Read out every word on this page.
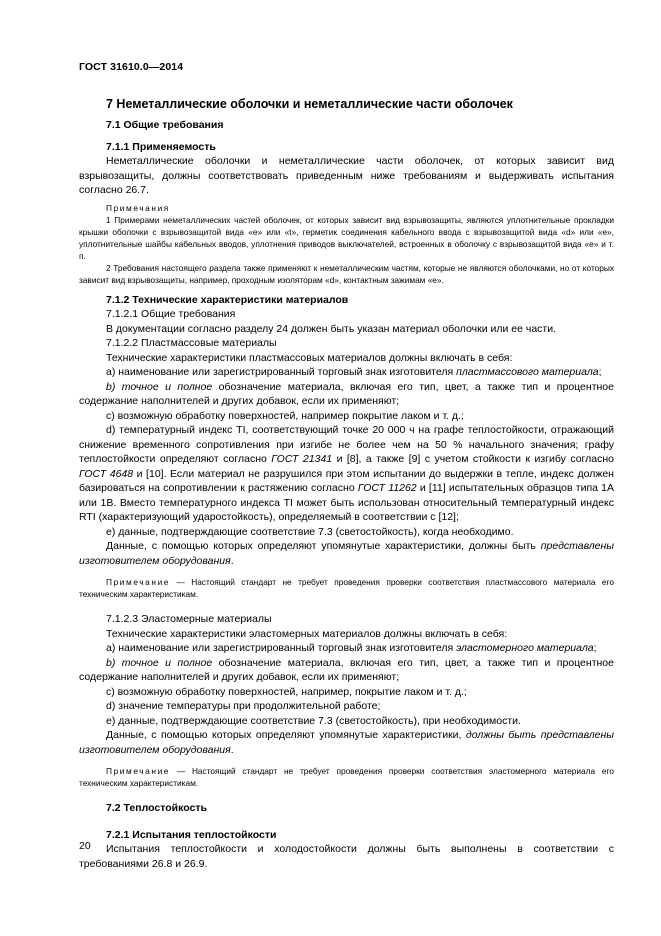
ГОСТ 31610.0—2014

7 Неметаллические оболочки и неметаллические части оболочек

7.1 Общие требования

7.1.1 Применяемость

Неметаллические оболочки и неметаллические части оболочек, от которых зависит вид взрывозащиты, должны соответствовать приведенным ниже требованиям и выдерживать испытания согласно 26.7.

Примечания

1 Примерами неметаллических частей оболочек, от которых зависит вид взрывозащиты, являются уплотнительные прокладки крышки оболочки с взрывозащитой вида «е» или «t», герметик соединения кабельного ввода с взрывозащитой вида «d» или «е», уплотнительные шайбы кабельных вводов, уплотнения приводов выключателей, встроенных в оболочку с взрывозащитой вида «е» и т. п.

2 Требования настоящего раздела также применяют к неметаллическим частям, которые не являются оболочками, но от которых зависит вид взрывозащиты, например, проходным изоляторам «d», контактным зажимам «е».

7.1.2 Технические характеристики материалов

7.1.2.1 Общие требования

В документации согласно разделу 24 должен быть указан материал оболочки или ее части.

7.1.2.2 Пластмассовые материалы

Технические характеристики пластмассовых материалов должны включать в себя:

а) наименование или зарегистрированный торговый знак изготовителя пластмассового материала;

b) точное и полное обозначение материала, включая его тип, цвет, а также тип и процентное содержание наполнителей и других добавок, если их применяют;

с) возможную обработку поверхностей, например покрытие лаком и т. д.;

d) температурный индекс TI, соответствующий точке 20 000 ч на графе теплостойкости, отражающий снижение временного сопротивления при изгибе не более чем на 50 % начального значения; графу теплостойкости определяют согласно ГОСТ 21341 и [8], а также [9] с учетом стойкости к изгибу согласно ГОСТ 4648 и [10]. Если материал не разрушился при этом испытании до выдержки в тепле, индекс должен базироваться на сопротивлении к растяжению согласно ГОСТ 11262 и [11] испытательных образцов типа 1А или 1В. Вместо температурного индекса TI может быть использован относительный температурный индекс RTI (характеризующий ударостойкость), определяемый в соответствии с [12];

е) данные, подтверждающие соответствие 7.3 (светостойкость), когда необходимо.

Данные, с помощью которых определяют упомянутые характеристики, должны быть представлены изготовителем оборудования.

Примечание — Настоящий стандарт не требует проведения проверки соответствия пластмассового материала его техническим характеристикам.

7.1.2.3 Эластомерные материалы

Технические характеристики эластомерных материалов должны включать в себя:

а) наименование или зарегистрированный торговый знак изготовителя эластомерного материала;

b) точное и полное обозначение материала, включая его тип, цвет, а также тип и процентное содержание наполнителей и других добавок, если их применяют;

с) возможную обработку поверхностей, например, покрытие лаком и т. д.;

d) значение температуры при продолжительной работе;

е) данные, подтверждающие соответствие 7.3 (светостойкость), при необходимости.

Данные, с помощью которых определяют упомянутые характеристики, должны быть представлены изготовителем оборудования.

Примечание — Настоящий стандарт не требует проведения проверки соответствия эластомерного материала его техническим характеристикам.

7.2 Теплостойкость

7.2.1 Испытания теплостойкости

Испытания теплостойкости и холодостойкости должны быть выполнены в соответствии с требованиями 26.8 и 26.9.

20
